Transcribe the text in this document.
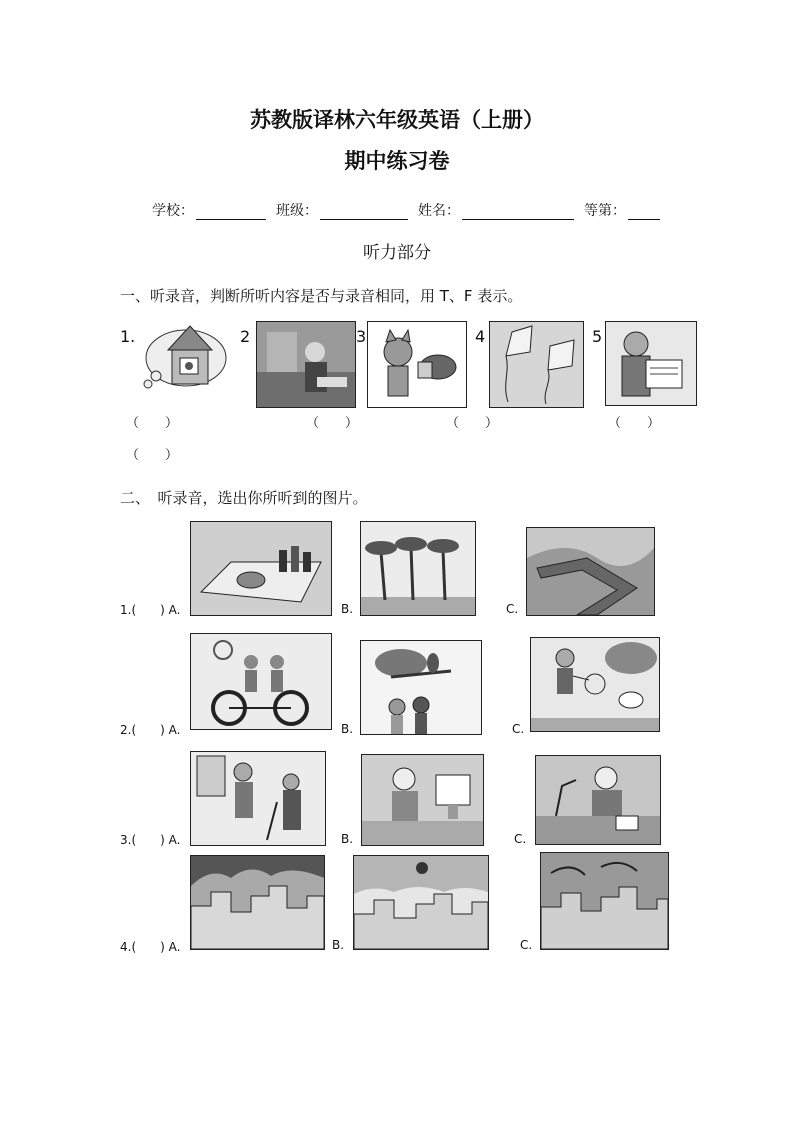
苏教版译林六年级英语（上册）
期中练习卷
学校：	班级：	姓名：	等第：
听力部分
一、听录音，判断所听内容是否与录音相同，用 T、F 表示。
1.	2	3	4	5
（　　）	（　　）	（　　）	（　　）
（　　）
二、　听录音，选出你所听到的图片。
1.(　　) A.	B.	C.
2.(　　) A.	B.	C.
3.(　　) A.	B.	C.
4.(　　) A.	B.	C.
